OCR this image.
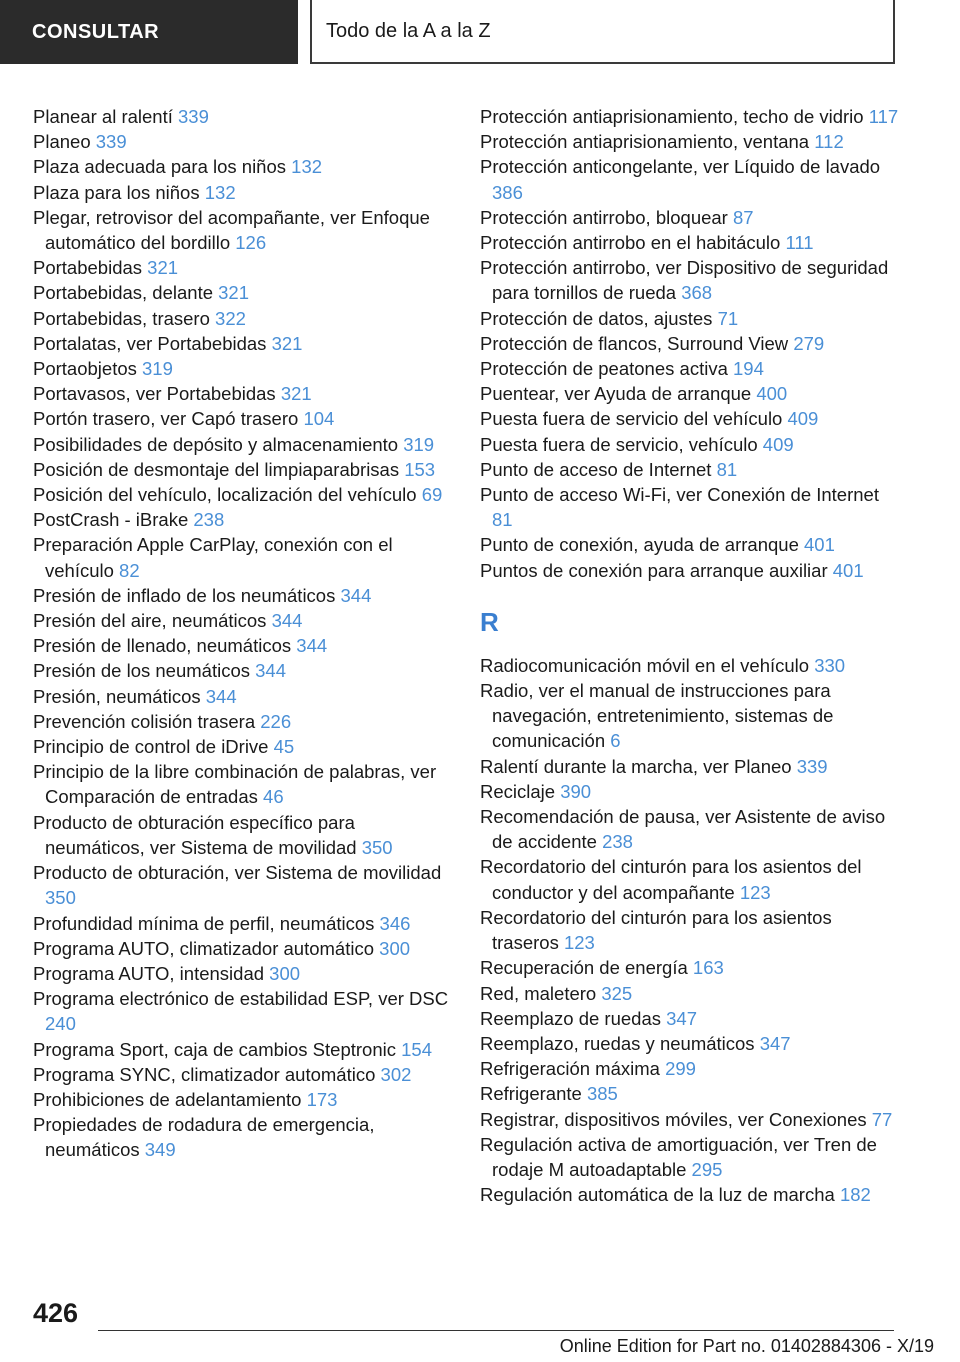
CONSULTAR	Todo de la A a la Z
Planear al ralentí 339
Planeo 339
Plaza adecuada para los niños 132
Plaza para los niños 132
Plegar, retrovisor del acompañante, ver Enfoque automático del bordillo 126
Portabebidas 321
Portabebidas, delante 321
Portabebidas, trasero 322
Portalatas, ver Portabebidas 321
Portaobjetos 319
Portavasos, ver Portabebidas 321
Portón trasero, ver Capó trasero 104
Posibilidades de depósito y almacenamiento 319
Posición de desmontaje del limpiaparabrisas 153
Posición del vehículo, localización del vehículo 69
PostCrash - iBrake 238
Preparación Apple CarPlay, conexión con el vehículo 82
Presión de inflado de los neumáticos 344
Presión del aire, neumáticos 344
Presión de llenado, neumáticos 344
Presión de los neumáticos 344
Presión, neumáticos 344
Prevención colisión trasera 226
Principio de control de iDrive 45
Principio de la libre combinación de palabras, ver Comparación de entradas 46
Producto de obturación específico para neumáticos, ver Sistema de movilidad 350
Producto de obturación, ver Sistema de movilidad 350
Profundidad mínima de perfil, neumáticos 346
Programa AUTO, climatizador automático 300
Programa AUTO, intensidad 300
Programa electrónico de estabilidad ESP, ver DSC 240
Programa Sport, caja de cambios Steptronic 154
Programa SYNC, climatizador automático 302
Prohibiciones de adelantamiento 173
Propiedades de rodadura de emergencia, neumáticos 349
Protección antiaprisionamiento, techo de vidrio 117
Protección antiaprisionamiento, ventana 112
Protección anticongelante, ver Líquido de lavado 386
Protección antirrobo, bloquear 87
Protección antirrobo en el habitáculo 111
Protección antirrobo, ver Dispositivo de seguridad para tornillos de rueda 368
Protección de datos, ajustes 71
Protección de flancos, Surround View 279
Protección de peatones activa 194
Puentear, ver Ayuda de arranque 400
Puesta fuera de servicio del vehículo 409
Puesta fuera de servicio, vehículo 409
Punto de acceso de Internet 81
Punto de acceso Wi-Fi, ver Conexión de Internet 81
Punto de conexión, ayuda de arranque 401
Puntos de conexión para arranque auxiliar 401
R
Radiocomunicación móvil en el vehículo 330
Radio, ver el manual de instrucciones para navegación, entretenimiento, sistemas de comunicación 6
Ralentí durante la marcha, ver Planeo 339
Reciclaje 390
Recomendación de pausa, ver Asistente de aviso de accidente 238
Recordatorio del cinturón para los asientos del conductor y del acompañante 123
Recordatorio del cinturón para los asientos traseros 123
Recuperación de energía 163
Red, maletero 325
Reemplazo de ruedas 347
Reemplazo, ruedas y neumáticos 347
Refrigeración máxima 299
Refrigerante 385
Registrar, dispositivos móviles, ver Conexiones 77
Regulación activa de amortiguación, ver Tren de rodaje M autoadaptable 295
Regulación automática de la luz de marcha 182
426
Online Edition for Part no. 01402884306 - X/19
